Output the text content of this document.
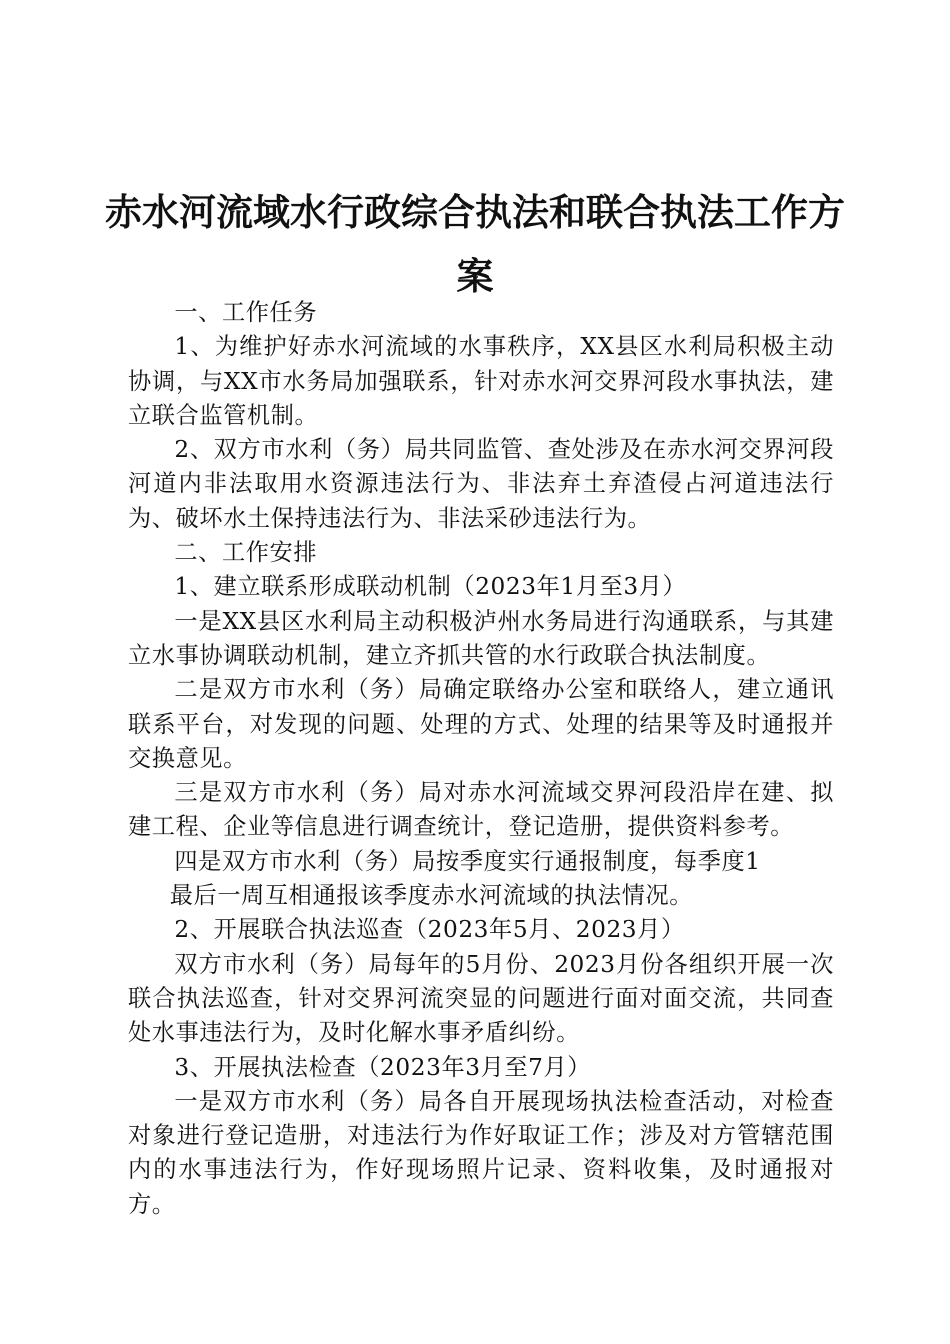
赤水河流域水行政综合执法和联合执法工作方案

一、工作任务

1、为维护好赤水河流域的水事秩序，XX县区水利局积极主动协调，与XX市水务局加强联系，针对赤水河交界河段水事执法，建立联合监管机制。

2、双方市水利（务）局共同监管、查处涉及在赤水河交界河段河道内非法取用水资源违法行为、非法弃土弃渣侵占河道违法行为、破坏水土保持违法行为、非法采砂违法行为。

二、工作安排

1、建立联系形成联动机制（2023年1月至3月）

一是XX县区水利局主动积极泸州水务局进行沟通联系，与其建立水事协调联动机制，建立齐抓共管的水行政联合执法制度。

二是双方市水利（务）局确定联络办公室和联络人，建立通讯联系平台，对发现的问题、处理的方式、处理的结果等及时通报并交换意见。

三是双方市水利（务）局对赤水河流域交界河段沿岸在建、拟建工程、企业等信息进行调查统计，登记造册，提供资料参考。

四是双方市水利（务）局按季度实行通报制度，每季度1

最后一周互相通报该季度赤水河流域的执法情况。

2、开展联合执法巡查（2023年5月、2023月）

双方市水利（务）局每年的5月份、2023月份各组织开展一次联合执法巡查，针对交界河流突显的问题进行面对面交流，共同查处水事违法行为，及时化解水事矛盾纠纷。

3、开展执法检查（2023年3月至7月）

一是双方市水利（务）局各自开展现场执法检查活动，对检查对象进行登记造册，对违法行为作好取证工作；涉及对方管辖范围内的水事违法行为，作好现场照片记录、资料收集，及时通报对方。
